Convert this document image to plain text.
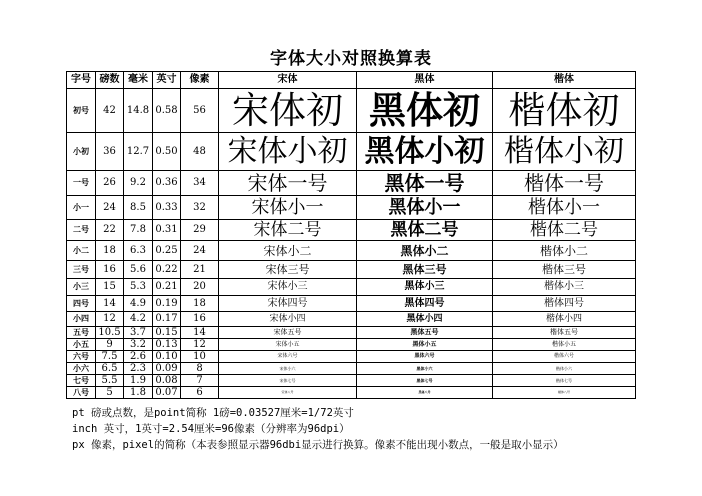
字体大小对照换算表
字号	磅数	毫米	英寸	像素	宋体	黑体	楷体
初号	42	14.8	0.58	56	宋体初	黑体初	楷体初
小初	36	12.7	0.50	48	宋体小初	黑体小初	楷体小初
一号	26	9.2	0.36	34	宋体一号	黑体一号	楷体一号
小一	24	8.5	0.33	32	宋体小一	黑体小一	楷体小一
二号	22	7.8	0.31	29	宋体二号	黑体二号	楷体二号
小二	18	6.3	0.25	24	宋体小二	黑体小二	楷体小二
三号	16	5.6	0.22	21	宋体三号	黑体三号	楷体三号
小三	15	5.3	0.21	20	宋体小三	黑体小三	楷体小三
四号	14	4.9	0.19	18	宋体四号	黑体四号	楷体四号
小四	12	4.2	0.17	16	宋体小四	黑体小四	楷体小四
五号	10.5	3.7	0.15	14	宋体五号	黑体五号	楷体五号
小五	9	3.2	0.13	12	宋体小五	黑体小五	楷体小五
六号	7.5	2.6	0.10	10	宋体六号	黑体六号	楷体六号
小六	6.5	2.3	0.09	8	宋体小六	黑体小六	楷体小六
七号	5.5	1.9	0.08	7	宋体七号	黑体七号	楷体七号
八号	5	1.8	0.07	6	宋体八号	黑体八号	楷体八号
pt 磅或点数，是point简称 1磅=0.03527厘米=1/72英寸
inch 英寸，1英寸=2.54厘米=96像素（分辨率为96dpi）
px 像素，pixel的简称（本表参照显示器96dbi显示进行换算。像素不能出现小数点，一般是取小显示）
